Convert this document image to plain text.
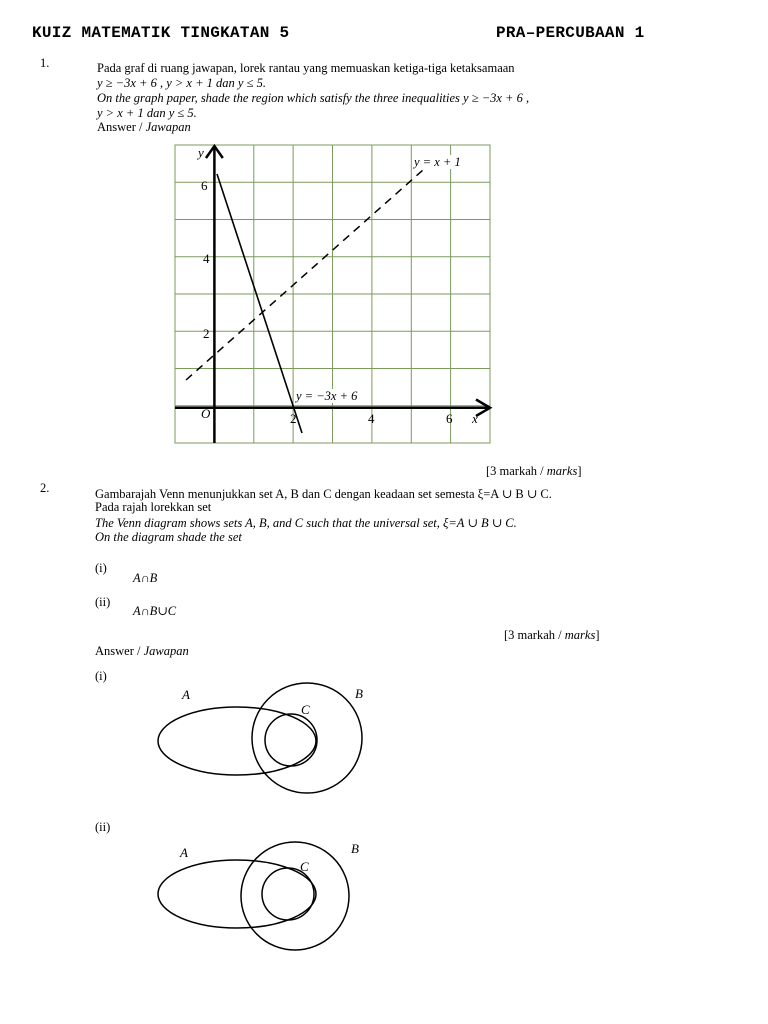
KUIZ MATEMATIK TINGKATAN 5	PRA–PERCUBAAN 1
1.	Pada graf di ruang jawapan, lorek rantau yang memuaskan ketiga-tiga ketaksamaan
y ≥ −3x + 6 , y > x + 1 dan y ≤ 5.
On the graph paper, shade the region which satisfy the three inequalities y ≥ −3x + 6 ,
y > x + 1 dan y ≤ 5.
Answer / Jawapan
y
x
O
6
4
2
2	4	6
y = x + 1
y = −3x + 6
[3 markah / marks]
2.	Gambarajah Venn menunjukkan set A, B dan C dengan keadaan set semesta ξ=A ∪ B ∪ C.
Pada rajah lorekkan set
The Venn diagram shows sets A, B, and C such that the universal set, ξ=A ∪ B ∪ C.
On the diagram shade the set
(i)
A∩B
(ii)
A∩B∪C
[3 markah / marks]
Answer / Jawapan
(i)
A	B
C
(ii)
A	B
C
